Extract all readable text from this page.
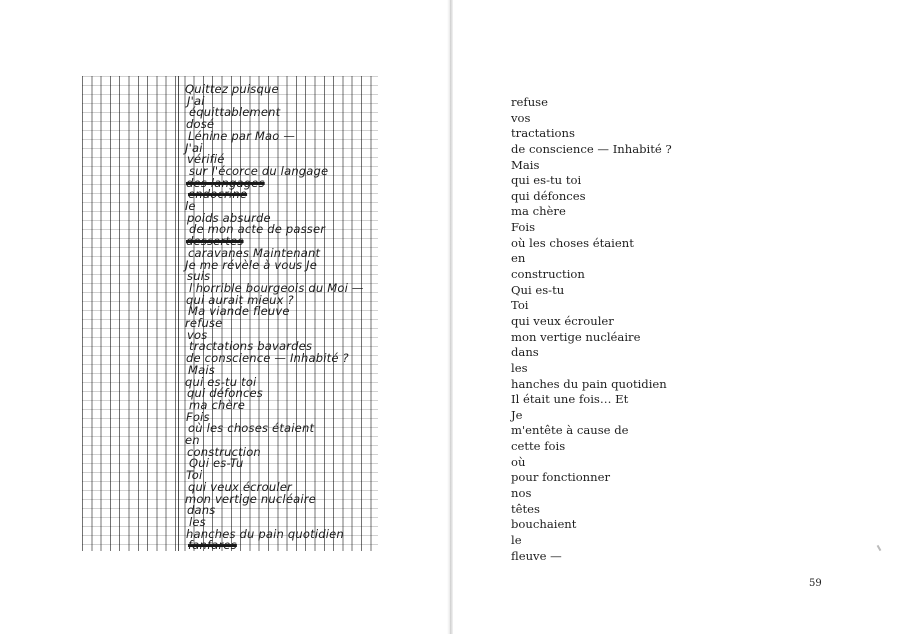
Quittez puisque
J'ai
équittablement
dosé
Lénine par Mao —
J'ai
vérifié
sur l'écorce du langage
des langages
endocrine
le
poids absurde
de mon acte de passer
dessertes
caravanes Maintenant
Je me révèle à vous Je
suis
l'horrible bourgeois du Moi —
qui aurait mieux ?
Ma viande fleuve
refuse
vos
tractations bavardes
de conscience — Inhabité ?
Mais
qui es-tu toi
qui défonces
ma chère
Fois
où les choses étaient
en
construction
Qui es-Tu
Toi
qui veux écrouler
mon vertige nucléaire
dans
les
hanches du pain quotidien
fanfares
refuse
vos
tractations
de conscience — Inhabité ?
Mais
qui es-tu toi
qui défonces
ma chère
Fois
où les choses étaient
en
construction
Qui es-tu
Toi
qui veux écrouler
mon vertige nucléaire
dans
les
hanches du pain quotidien
Il était une fois… Et
Je
m'entête à cause de
cette fois
où
pour fonctionner
nos
têtes
bouchaient
le
fleuve —
59
